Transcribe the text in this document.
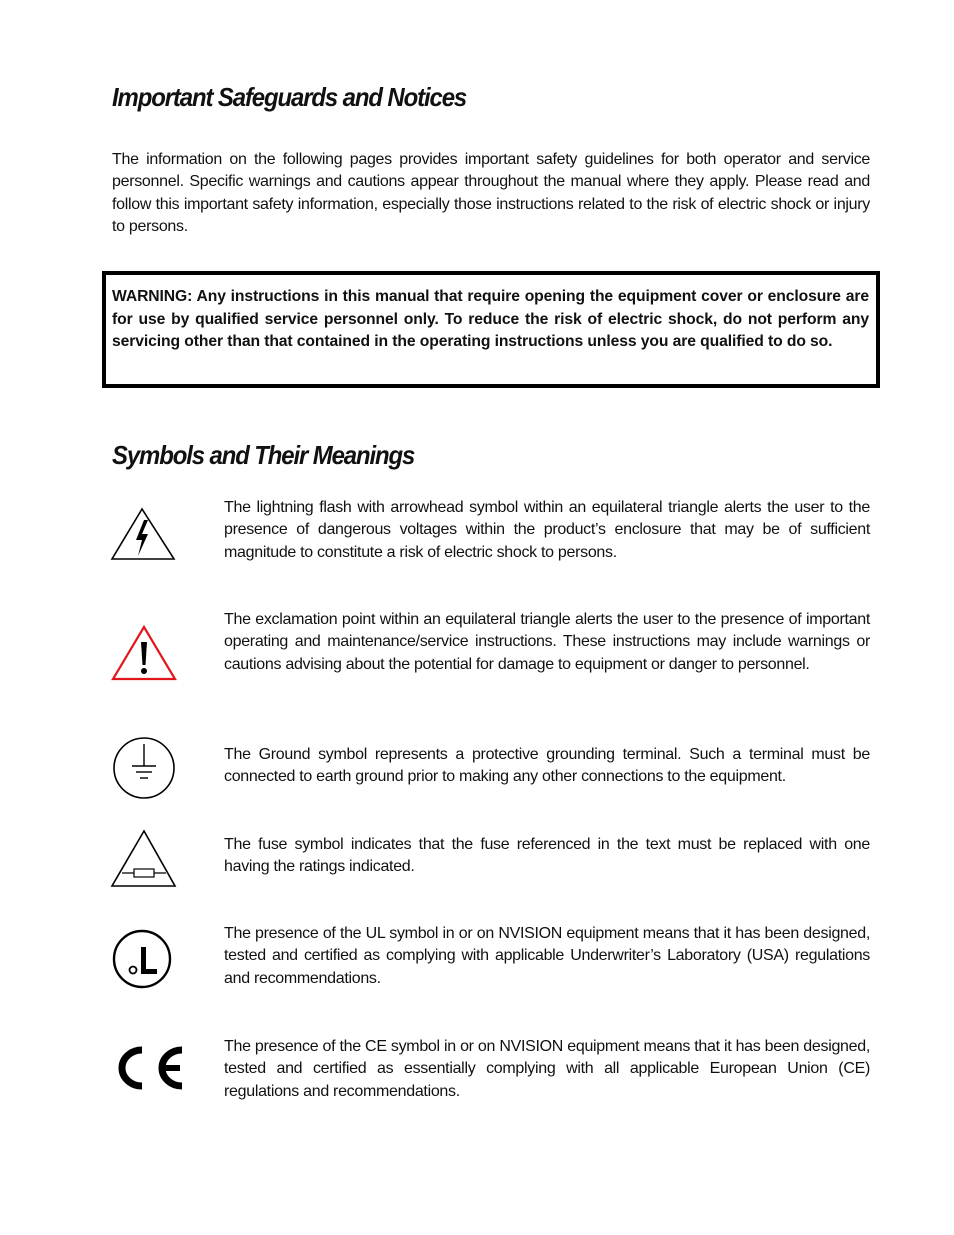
Important Safeguards and Notices

The information on the following pages provides important safety guidelines for both operator and service personnel. Specific warnings and cautions appear throughout the manual where they apply. Please read and follow this important safety information, especially those instructions related to the risk of electric shock or injury to persons.

WARNING: Any instructions in this manual that require opening the equipment cover or enclosure are for use by qualified service personnel only. To reduce the risk of electric shock, do not perform any servicing other than that contained in the operating instructions unless you are qualified to do so.

Symbols and Their Meanings

The lightning flash with arrowhead symbol within an equilateral triangle alerts the user to the presence of dangerous voltages within the product’s enclosure that may be of sufficient magnitude to constitute a risk of electric shock to persons.

The exclamation point within an equilateral triangle alerts the user to the presence of important operating and maintenance/service instructions. These instructions may include warnings or cautions advising about the potential for damage to equipment or danger to personnel.

The Ground symbol represents a protective grounding terminal. Such a terminal must be connected to earth ground prior to making any other connections to the equipment.

The fuse symbol indicates that the fuse referenced in the text must be replaced with one having the ratings indicated.

The presence of the UL symbol in or on NVISION equipment means that it has been designed, tested and certified as complying with applicable Underwriter’s Laboratory (USA) regulations and recommendations.

The presence of the CE symbol in or on NVISION equipment means that it has been designed, tested and certified as essentially complying with all applicable European Union (CE) regulations and recommendations.
